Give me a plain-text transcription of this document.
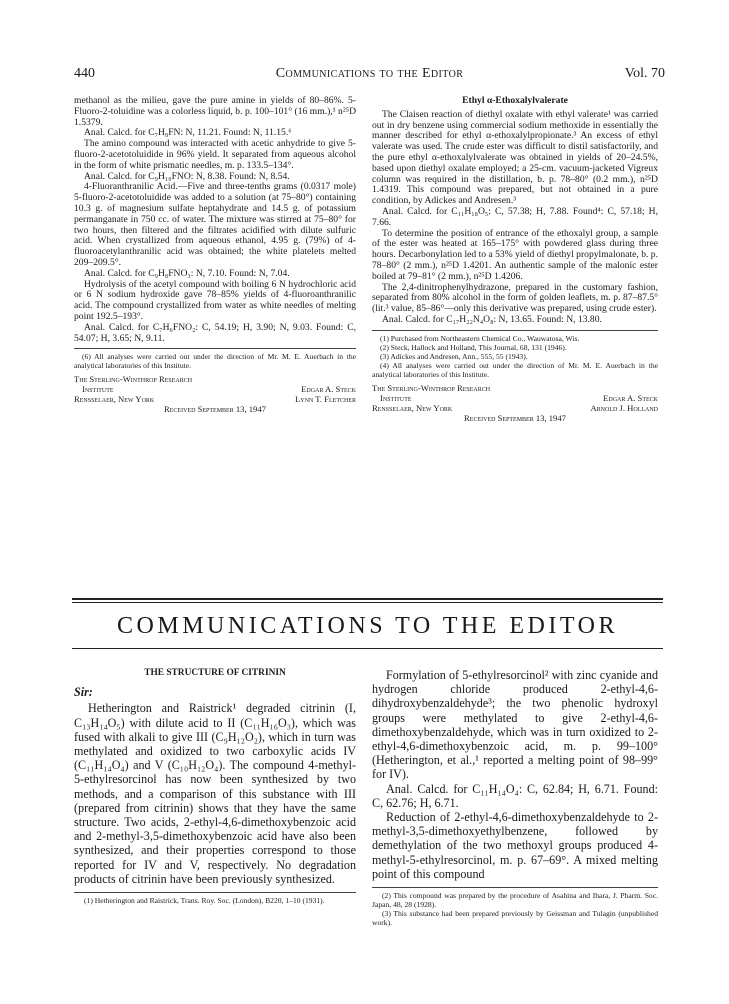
440	Communications to the Editor	Vol. 70

methanol as the milieu, gave the pure amine in yields of 80–86%. 5-Fluoro-2-toluidine was a colorless liquid, b. p. 100–101° (16 mm.),¹ n²⁵D 1.5379.

Anal. Calcd. for C₇H₈FN: N, 11.21. Found: N, 11.15.⁶

The amino compound was interacted with acetic anhydride to give 5-fluoro-2-acetotoluidide in 96% yield. It separated from aqueous alcohol in the form of white prismatic needles, m. p. 133.5–134°.

Anal. Calcd. for C₉H₁₀FNO: N, 8.38. Found: N, 8.54.

4-Fluoranthranilic Acid.—Five and three-tenths grams (0.0317 mole) 5-fluoro-2-acetotoluidide was added to a solution (at 75–80°) containing 10.3 g. of magnesium sulfate heptahydrate and 14.5 g. of potassium permanganate in 750 cc. of water. The mixture was stirred at 75–80° for two hours, then filtered and the filtrates acidified with dilute sulfuric acid. When crystallized from aqueous ethanol, 4.95 g. (79%) of 4-fluoroacetylanthranilic acid was obtained; the white platelets melted 209–209.5°.

Anal. Calcd. for C₉H₈FNO₃: N, 7.10. Found: N, 7.04.

Hydrolysis of the acetyl compound with boiling 6 N hydrochloric acid or 6 N sodium hydroxide gave 78–85% yields of 4-fluoroanthranilic acid. The compound crystallized from water as white needles of melting point 192.5–193°.

Anal. Calcd. for C₇H₆FNO₂: C, 54.19; H, 3.90; N, 9.03. Found: C, 54.07; H, 3.65; N, 9.11.

(6) All analyses were carried out under the direction of Mr. M. E. Auerbach in the analytical laboratories of this Institute.

The Sterling-Winthrop Research
Institute	Edgar A. Steck
Rensselaer, New York	Lynn T. Fletcher
Received September 13, 1947
Ethyl α-Ethoxalylvalerate

The Claisen reaction of diethyl oxalate with ethyl valerate¹ was carried out in dry benzene using commercial sodium methoxide in essentially the manner described for ethyl α-ethoxalylpropionate.³ An excess of ethyl valerate was used. The crude ester was difficult to distil satisfactorily, and the pure ethyl α-ethoxalylvalerate was obtained in yields of 20–24.5%, based upon diethyl oxalate employed; a 25-cm. vacuum-jacketed Vigreux column was required in the distillation, b. p. 78–80° (0.2 mm.), n²⁵D 1.4319. This compound was prepared, but not obtained in a pure condition, by Adickes and Andresen.³

Anal. Calcd. for C₁₁H₁₈O₅: C, 57.38; H, 7.88. Found⁴: C, 57.18; H, 7.66.

To determine the position of entrance of the ethoxalyl group, a sample of the ester was heated at 165–175° with powdered glass during three hours. Decarbonylation led to a 53% yield of diethyl propylmalonate, b. p. 78–80° (2 mm.), n²⁵D 1.4201. An authentic sample of the malonic ester boiled at 79–81° (2 mm.), n²⁵D 1.4206.

The 2,4-dinitrophenylhydrazone, prepared in the customary fashion, separated from 80% alcohol in the form of golden leaflets, m. p. 87–87.5° (lit.³ value, 85–86°—only this derivative was prepared, using crude ester).

Anal. Calcd. for C₁₇H₂₂N₄O₈: N, 13.65. Found: N, 13.80.

(1) Purchased from Northeastern Chemical Co., Wauwatosa, Wis.

(2) Steck, Hallock and Holland, This Journal, 68, 131 (1946).

(3) Adickes and Andresen, Ann., 555, 55 (1943).

(4) All analyses were carried out under the direction of Mr. M. E. Auerbach in the analytical laboratories of this Institute.

The Sterling-Winthrop Research
Institute	Edgar A. Steck
Rensselaer, New York	Arnold J. Holland
Received September 13, 1947
COMMUNICATIONS TO THE EDITOR
THE STRUCTURE OF CITRININ

Sir:

Hetherington and Raistrick¹ degraded citrinin (I, C₁₃H₁₄O₅) with dilute acid to II (C₁₁H₁₆O₃), which was fused with alkali to give III (C₉H₁₂O₂), which in turn was methylated and oxidized to two carboxylic acids IV (C₁₁H₁₄O₄) and V (C₁₀H₁₂O₄). The compound 4-methyl-5-ethylresorcinol has now been synthesized by two methods, and a comparison of this substance with III (prepared from citrinin) shows that they have the same structure. Two acids, 2-ethyl-4,6-dimethoxybenzoic acid and 2-methyl-3,5-dimethoxybenzoic acid have also been synthesized, and their properties correspond to those reported for IV and V, respectively. No degradation products of citrinin have been previously synthesized.

(1) Hetherington and Raistrick, Trans. Roy. Soc. (London), B220, 1–10 (1931).

Formylation of 5-ethylresorcinol² with zinc cyanide and hydrogen chloride produced 2-ethyl-4,6-dihydroxybenzaldehyde³; the two phenolic hydroxyl groups were methylated to give 2-ethyl-4,6-dimethoxybenzaldehyde, which was in turn oxidized to 2-ethyl-4,6-dimethoxybenzoic acid, m. p. 99–100° (Hetherington, et al.,¹ reported a melting point of 98–99° for IV).

Anal. Calcd. for C₁₁H₁₄O₄: C, 62.84; H, 6.71. Found: C, 62.76; H, 6.71.

Reduction of 2-ethyl-4,6-dimethoxybenzaldehyde to 2-methyl-3,5-dimethoxyethylbenzene, followed by demethylation of the two methoxyl groups produced 4-methyl-5-ethylresorcinol, m. p. 67–69°. A mixed melting point of this compound

(2) This compound was prepared by the procedure of Asahina and Ihara, J. Pharm. Soc. Japan, 48, 28 (1928).

(3) This substance had been prepared previously by Geissman and Tulagin (unpublished work).
